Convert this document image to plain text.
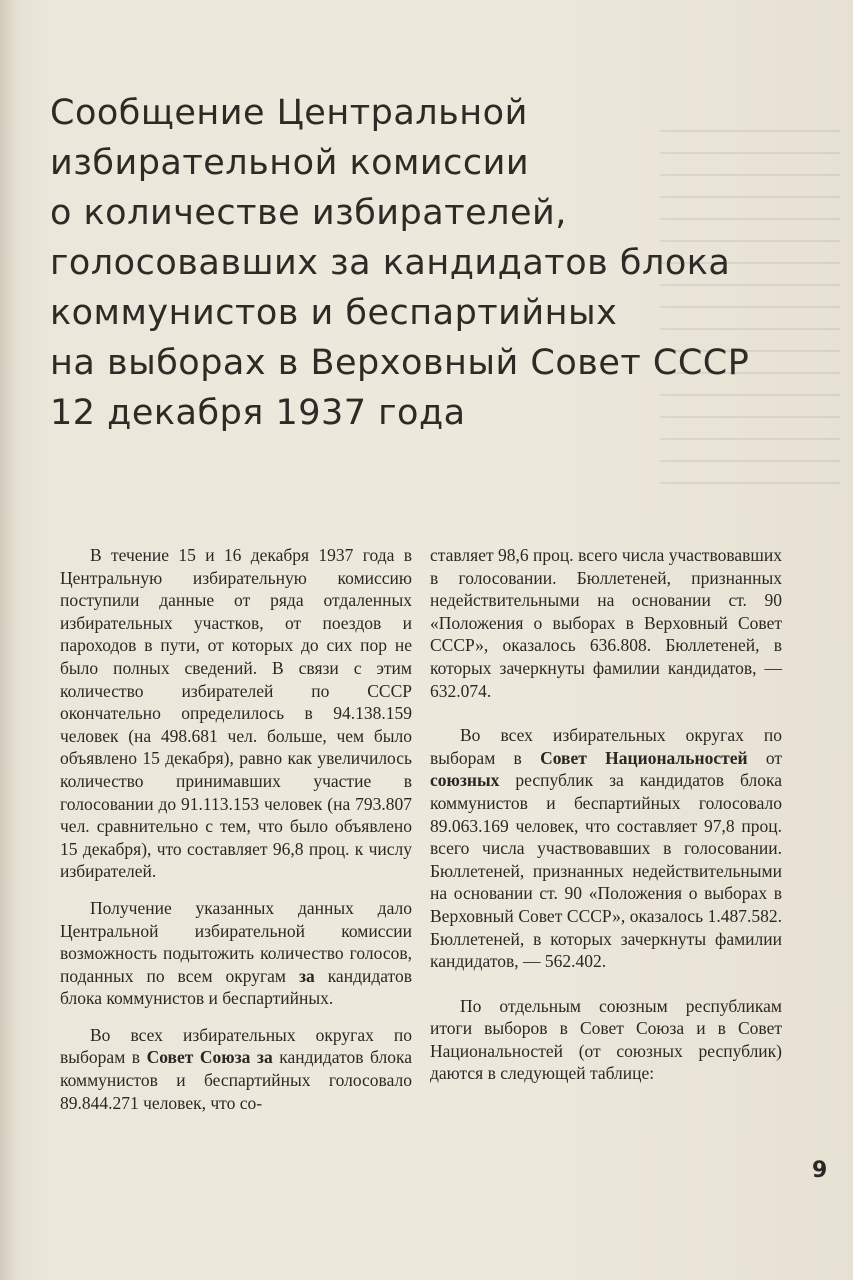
Сообщение Центральной
избирательной комиссии
о количестве избирателей,
голосовавших за кандидатов блока
коммунистов и беспартийных
на выборах в Верховный Совет СССР
12 декабря 1937 года

В течение 15 и 16 декабря 1937 года в Центральную избирательную комиссию поступили данные от ряда отдаленных избирательных участков, от поездов и пароходов в пути, от которых до сих пор не было полных сведений. В связи с этим количество избирателей по СССР окончательно определилось в 94.138.159 человек (на 498.681 чел. больше, чем было объявлено 15 декабря), равно как увеличилось количество принимавших участие в голосовании до 91.113.153 человек (на 793.807 чел. сравнительно с тем, что было объявлено 15 декабря), что составляет 96,8 проц. к числу избирателей.

Получение указанных данных дало Центральной избирательной комиссии возможность подытожить количество голосов, поданных по всем округам за кандидатов блока коммунистов и беспартийных.

Во всех избирательных округах по выборам в Совет Союза за кандидатов блока коммунистов и беспартийных голосовало 89.844.271 человек, что со-

ставляет 98,6 проц. всего числа участвовавших в голосовании. Бюллетеней, признанных недействительными на основании ст. 90 «Положения о выборах в Верховный Совет СССР», оказалось 636.808. Бюллетеней, в которых зачеркнуты фамилии кандидатов, — 632.074.

Во всех избирательных округах по выборам в Совет Национальностей от союзных республик за кандидатов блока коммунистов и беспартийных голосовало 89.063.169 человек, что составляет 97,8 проц. всего числа участвовавших в голосовании. Бюллетеней, признанных недействительными на основании ст. 90 «Положения о выборах в Верховный Совет СССР», оказалось 1.487.582. Бюллетеней, в которых зачеркнуты фамилии кандидатов, — 562.402.

По отдельным союзным республикам итоги выборов в Совет Союза и в Совет Национальностей (от союзных республик) даются в следующей таблице:

9
